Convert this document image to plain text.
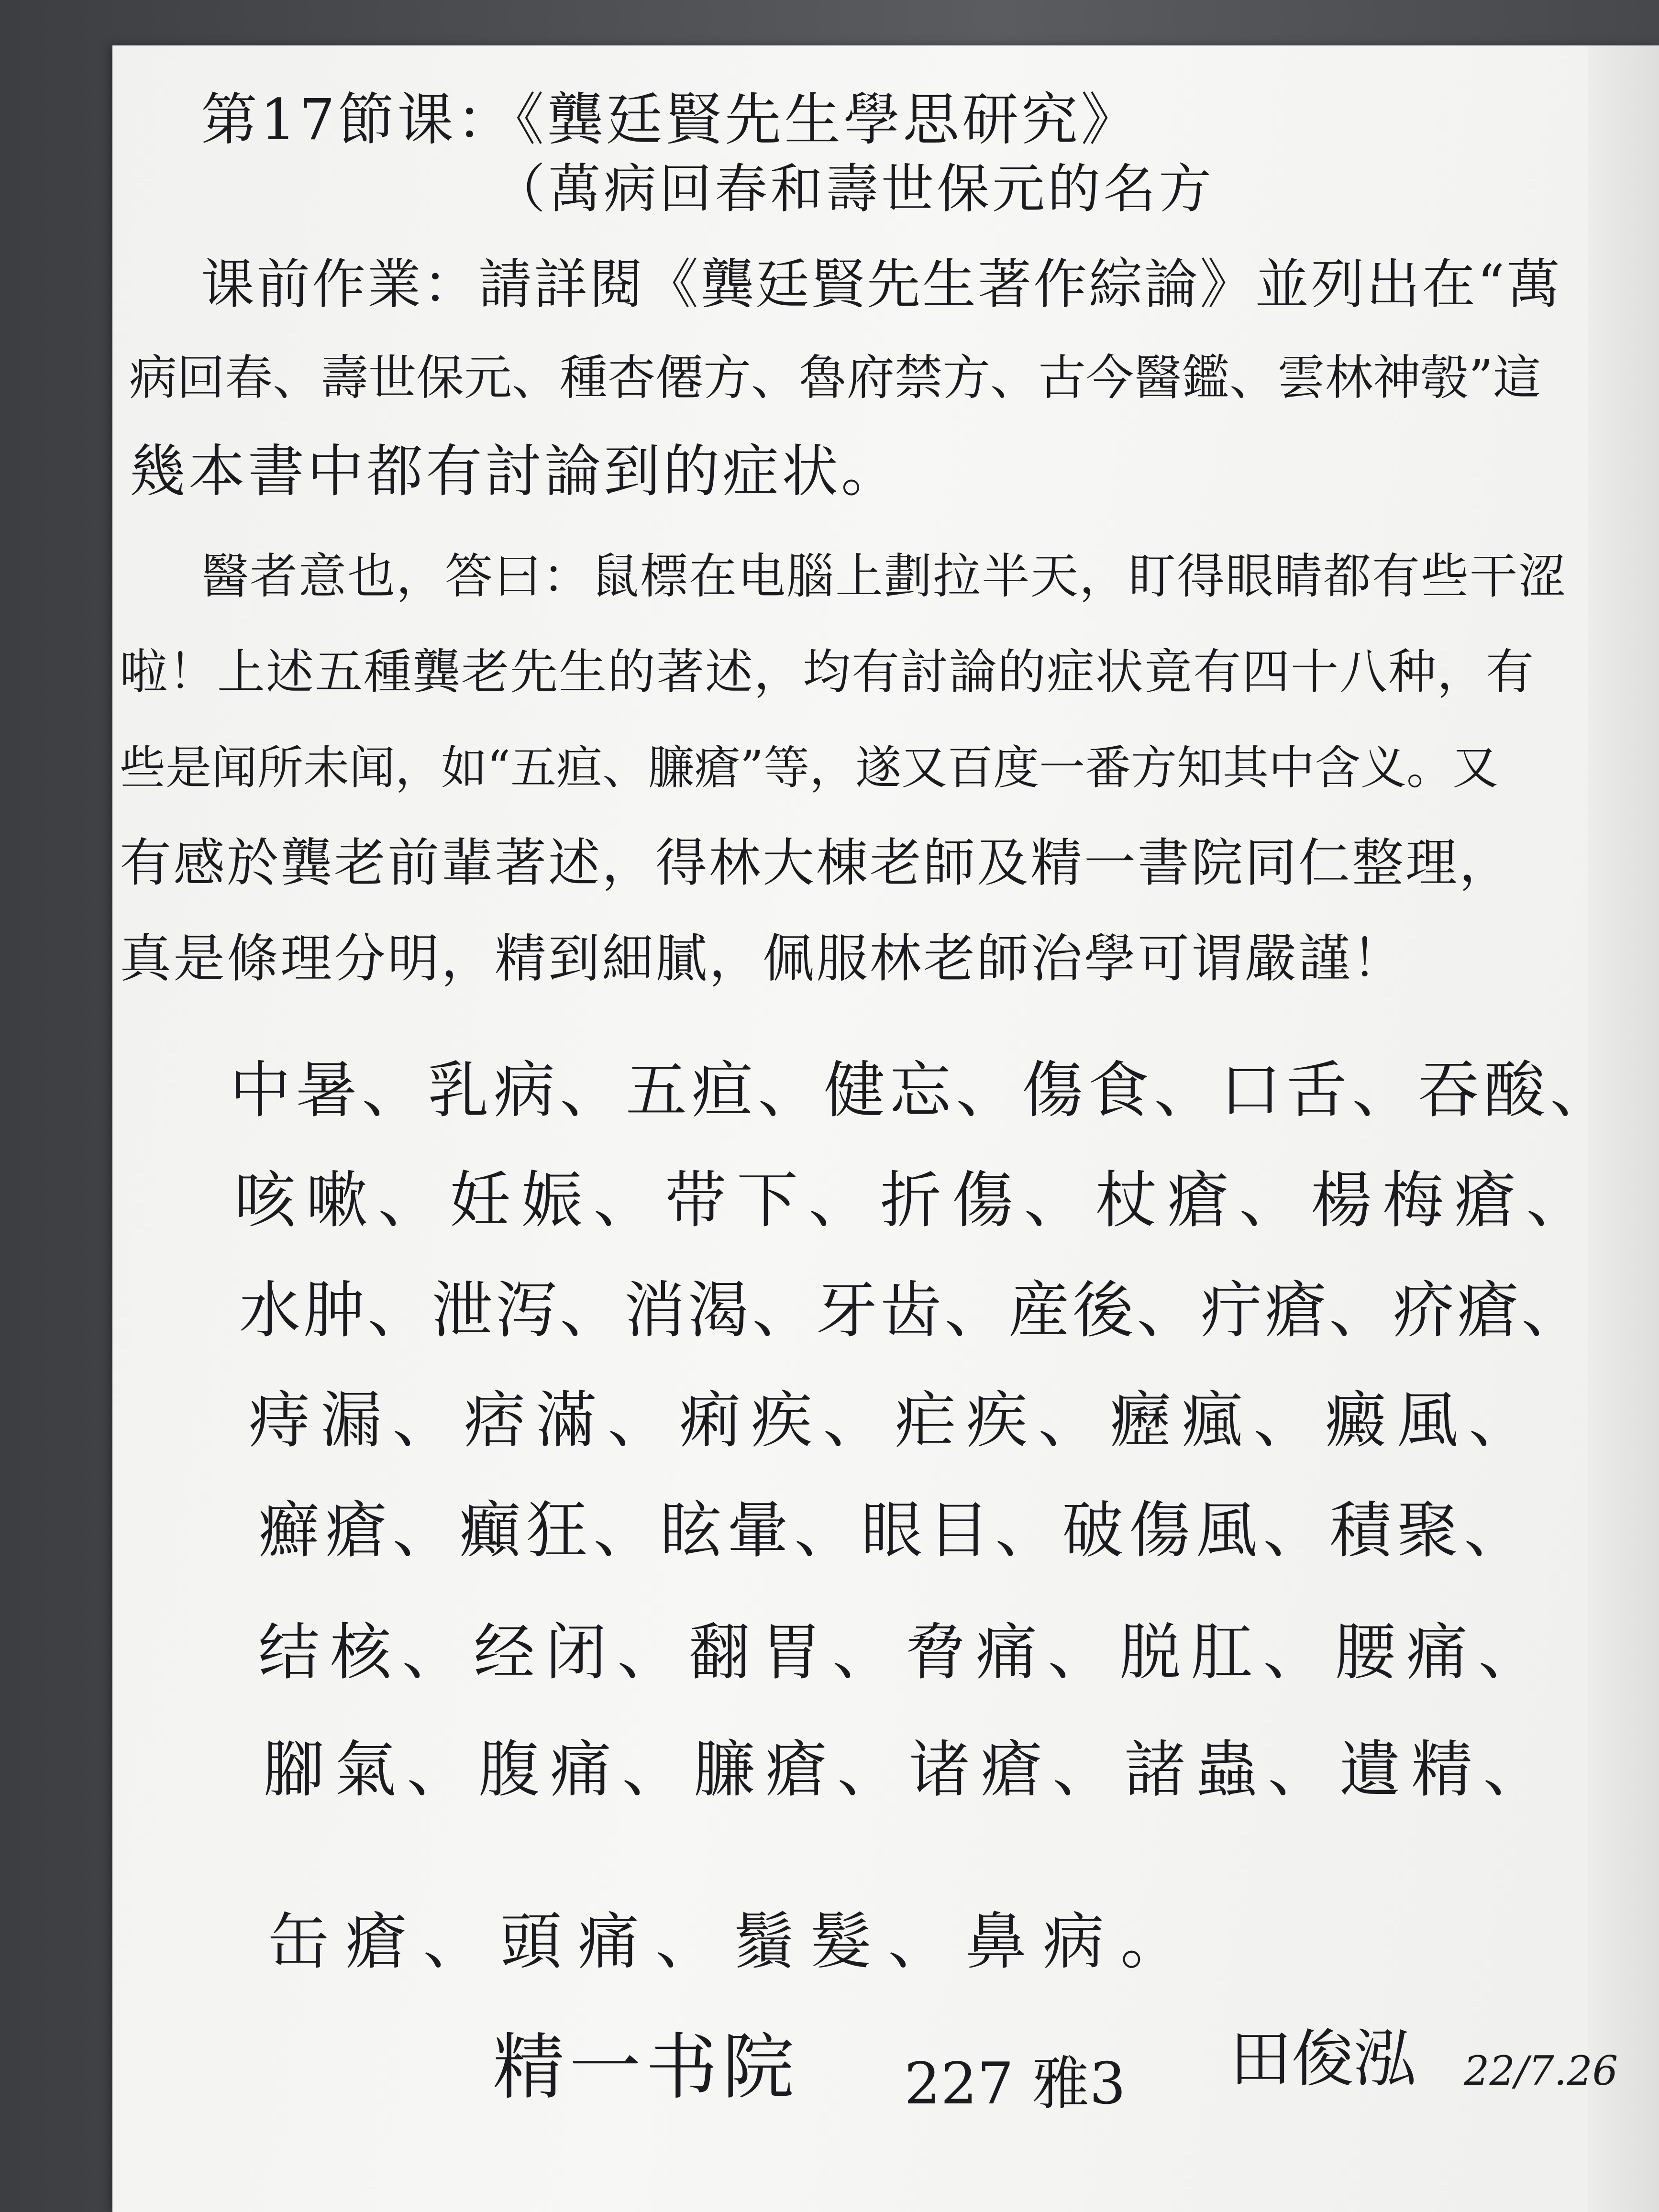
第17節课：《龔廷賢先生學思研究》
（萬病回春和壽世保元的名方
课前作業：請詳閱《龔廷賢先生著作綜論》並列出在“萬
病回春、壽世保元、種杏僊方、魯府禁方、古今醫鑑、雲林神彀”這
幾本書中都有討論到的症状。
醫者意也，答曰：鼠標在电腦上劃拉半天，盯得眼睛都有些干涩
啦！上述五種龔老先生的著述，均有討論的症状竟有四十八种，有
些是闻所未闻，如“五疸、臁瘡”等，遂又百度一番方知其中含义。又
有感於龔老前輩著述，得林大棟老師及精一書院同仁整理，
真是條理分明，精到細膩，佩服林老師治學可谓嚴謹！
中暑、乳病、五疸、健忘、傷食、口舌、吞酸、
咳嗽、妊娠、带下、折傷、杖瘡、楊梅瘡、
水肿、泄泻、消渴、牙齿、産後、疔瘡、疥瘡、
痔漏、痞滿、痢疾、疟疾、癧瘋、癜風、
癬瘡、癲狂、眩暈、眼目、破傷風、積聚、
结核、经闭、翻胃、脅痛、脱肛、腰痛、
腳氣、腹痛、臁瘡、诸瘡、諸蟲、遺精、
缶瘡、頭痛、鬚髮、鼻病。
精一书院 227 雅3 田俊泓 22/7.26
